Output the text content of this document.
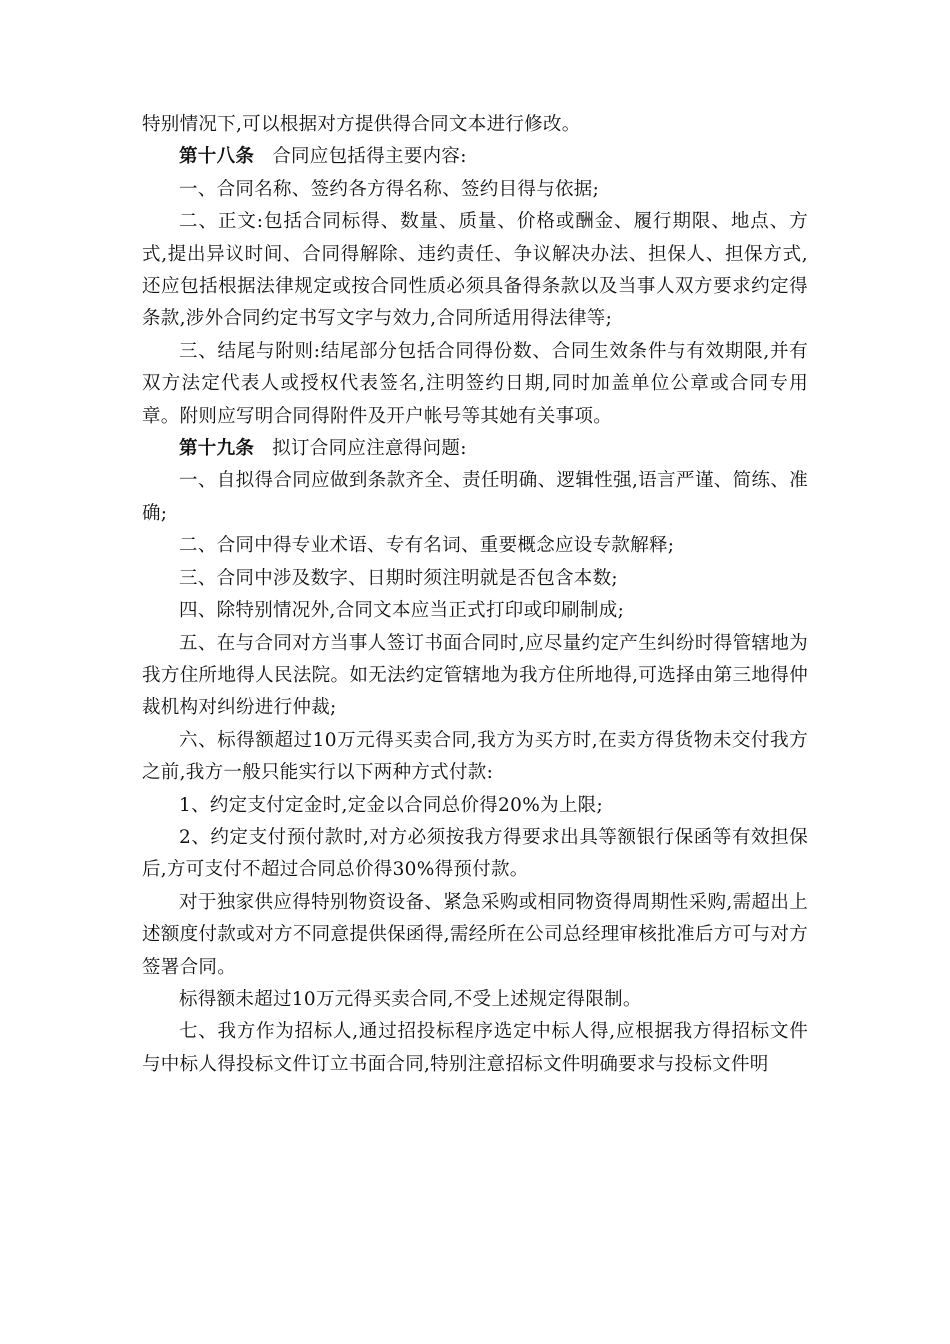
特别情况下,可以根据对方提供得合同文本进行修改。

第十八条 合同应包括得主要内容:

一、合同名称、签约各方得名称、签约目得与依据;

二、正文:包括合同标得、数量、质量、价格或酬金、履行期限、地点、方式,提出异议时间、合同得解除、违约责任、争议解决办法、担保人、担保方式,还应包括根据法律规定或按合同性质必须具备得条款以及当事人双方要求约定得条款,涉外合同约定书写文字与效力,合同所适用得法律等;

三、结尾与附则:结尾部分包括合同得份数、合同生效条件与有效期限,并有双方法定代表人或授权代表签名,注明签约日期,同时加盖单位公章或合同专用章。附则应写明合同得附件及开户帐号等其她有关事项。

第十九条 拟订合同应注意得问题:

一、自拟得合同应做到条款齐全、责任明确、逻辑性强,语言严谨、简练、准确;

二、合同中得专业术语、专有名词、重要概念应设专款解释;

三、合同中涉及数字、日期时须注明就是否包含本数;

四、除特别情况外,合同文本应当正式打印或印刷制成;

五、在与合同对方当事人签订书面合同时,应尽量约定产生纠纷时得管辖地为我方住所地得人民法院。如无法约定管辖地为我方住所地得,可选择由第三地得仲裁机构对纠纷进行仲裁;

六、标得额超过10万元得买卖合同,我方为买方时,在卖方得货物未交付我方之前,我方一般只能实行以下两种方式付款:

1、约定支付定金时,定金以合同总价得20%为上限;

2、约定支付预付款时,对方必须按我方得要求出具等额银行保函等有效担保后,方可支付不超过合同总价得30%得预付款。

对于独家供应得特别物资设备、紧急采购或相同物资得周期性采购,需超出上述额度付款或对方不同意提供保函得,需经所在公司总经理审核批准后方可与对方签署合同。

标得额未超过10万元得买卖合同,不受上述规定得限制。

七、我方作为招标人,通过招投标程序选定中标人得,应根据我方得招标文件与中标人得投标文件订立书面合同,特别注意招标文件明确要求与投标文件明
